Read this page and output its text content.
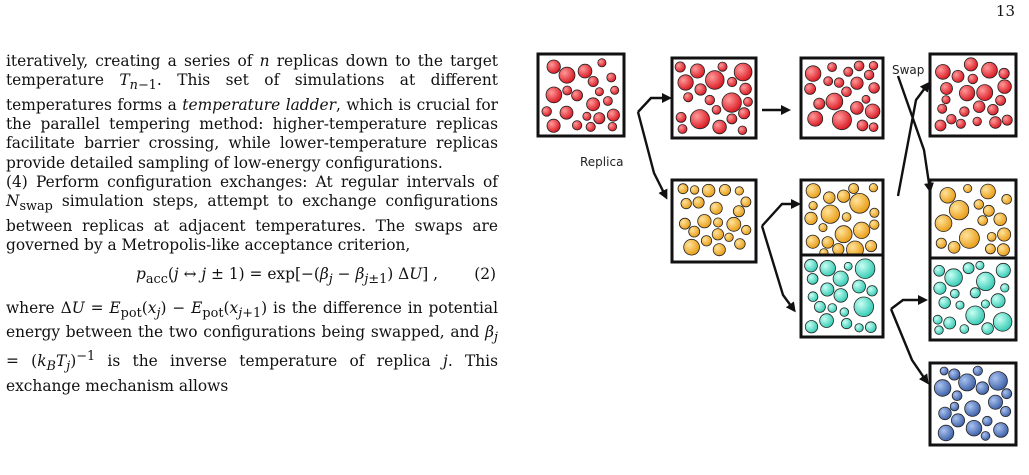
13

iteratively, creating a series of n replicas down to the target temperature $T_{n-1}$. This set of simulations at different temperatures forms a temperature ladder, which is crucial for the parallel tempering method: higher-temperature replicas facilitate barrier crossing, while lower-temperature replicas provide detailed sampling of low-energy configurations.

(4) Perform configuration exchanges: At regular intervals of $N_{swap}$ simulation steps, attempt to exchange configurations between replicas at adjacent temperatures. The swaps are governed by a Metropolis-like acceptance criterion,

$p_{acc}(j$ ↔ $j \pm 1) = \exp[-(\beta_j - \beta_{j\pm 1})$ ΔU] , (2)

where $\Delta U = E_{pot}(x_j) - E_{pot}(x_{j+1})$ is the difference in potential energy between the two configurations being swapped, and $\beta_j = (k_BT_j)^{-1}$ is the inverse temperature of replica j. This exchange mechanism allows

Replica
Swap
